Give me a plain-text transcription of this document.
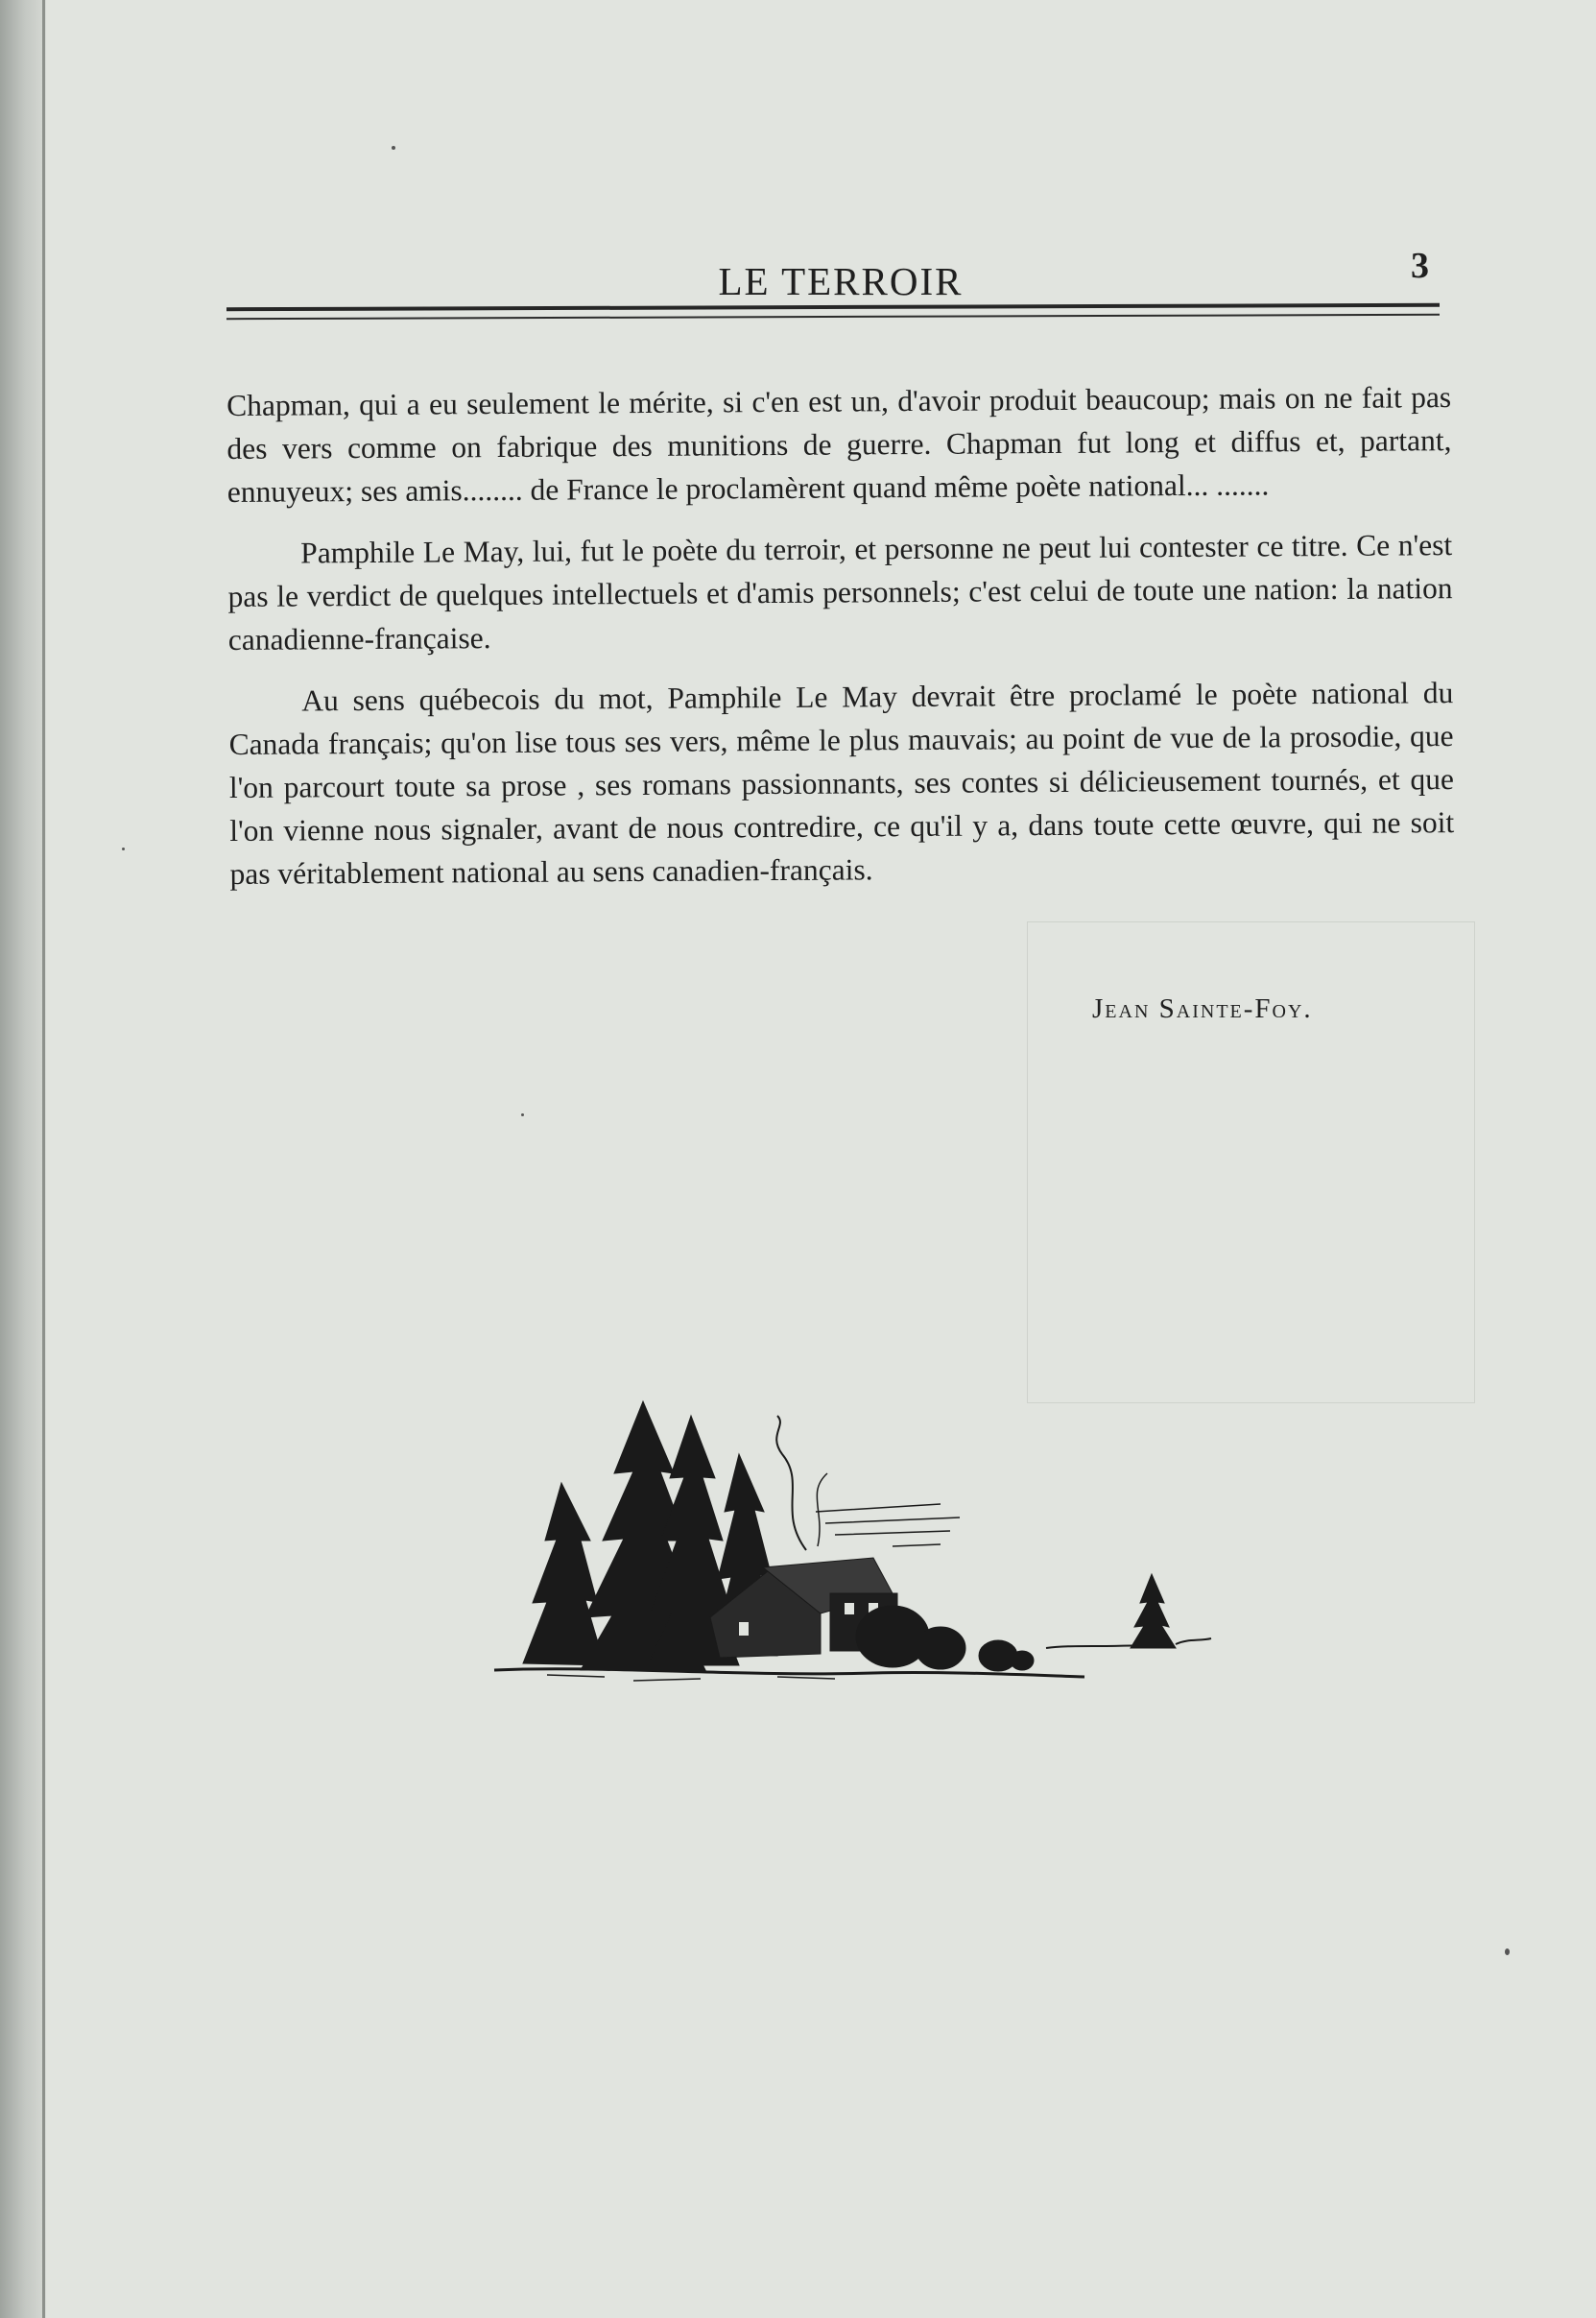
LE TERROIR	3

Chapman, qui a eu seulement le mérite, si c'en est un, d'avoir produit beaucoup; mais on ne fait pas des vers comme on fabrique des munitions de guerre. Chapman fut long et diffus et, partant, ennuyeux; ses amis........ de France le proclamèrent quand même poète national... .......

Pamphile Le May, lui, fut le poète du terroir, et personne ne peut lui contester ce titre. Ce n'est pas le verdict de quelques intellectuels et d'amis personnels; c'est celui de toute une nation: la nation canadienne-française.

Au sens québecois du mot, Pamphile Le May devrait être proclamé le poète national du Canada français; qu'on lise tous ses vers, même le plus mauvais; au point de vue de la prosodie, que l'on parcourt toute sa prose , ses romans passionnants, ses contes si délicieusement tournés, et que l'on vienne nous signaler, avant de nous contredire, ce qu'il y a, dans toute cette œuvre, qui ne soit pas véritablement national au sens canadien-français.

Jean Sainte-Foy.
